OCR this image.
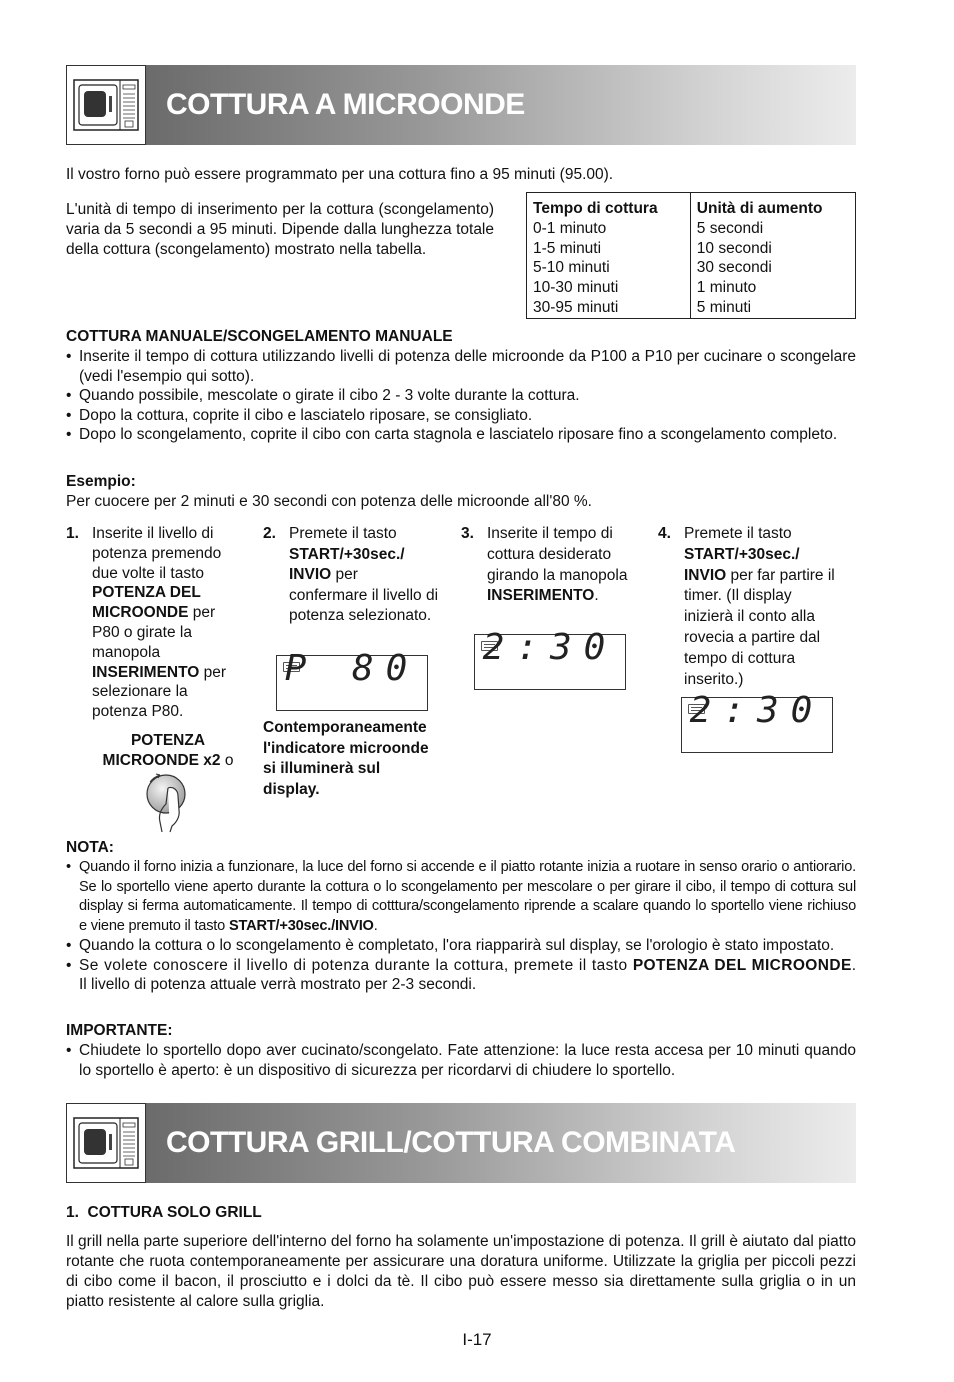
COTTURA A MICROONDE
Il vostro forno può essere programmato per una cottura fino a 95 minuti (95.00).
L'unità di tempo di inserimento per la cottura (scongelamento) varia da 5 secondi a 95 minuti. Dipende dalla lunghezza totale della cottura (scongelamento) mostrato nella tabella.
Tempo di cottura	Unità di aumento
0-1 minuto	5 secondi
1-5 minuti	10 secondi
5-10 minuti	30 secondi
10-30 minuti	1 minuto
30-95 minuti	5 minuti
COTTURA MANUALE/SCONGELAMENTO MANUALE
• Inserite il tempo di cottura utilizzando livelli di potenza delle microonde da P100 a P10 per cucinare o scongelare (vedi l'esempio qui sotto).
• Quando possibile, mescolate o girate il cibo 2 - 3 volte durante la cottura.
• Dopo la cottura, coprite il cibo e lasciatelo riposare, se consigliato.
• Dopo lo scongelamento, coprite il cibo con carta stagnola e lasciatelo riposare fino a scongelamento completo.
Esempio:
Per cuocere per 2 minuti e 30 secondi con potenza delle microonde all'80 %.
1. Inserite il livello di potenza premendo due volte il tasto POTENZA DEL MICROONDE per P80 o girate la manopola INSERIMENTO per selezionare la potenza P80.
POTENZA MICROONDE x2 o
2. Premete il tasto START/+30sec./ INVIO per confermare il livello di potenza selezionato.
P 80
Contemporaneamente l'indicatore microonde si illuminerà sul display.
3. Inserite il tempo di cottura desiderato girando la manopola INSERIMENTO.
2:30
4. Premete il tasto START/+30sec./ INVIO per far partire il timer. (Il display inizierà il conto alla rovecia a partire dal tempo di cottura inserito.)
2:30
NOTA:
• Quando il forno inizia a funzionare, la luce del forno si accende e il piatto rotante inizia a ruotare in senso orario o antiorario. Se lo sportello viene aperto durante la cottura o lo scongelamento per mescolare o per girare il cibo, il tempo di cottura sul display si ferma automaticamente. Il tempo di cotttura/scongelamento riprende a scalare quando lo sportello viene richiuso e viene premuto il tasto START/+30sec./INVIO.
• Quando la cottura o lo scongelamento è completato, l'ora riapparirà sul display, se l'orologio è stato impostato.
• Se volete conoscere il livello di potenza durante la cottura, premete il tasto POTENZA DEL MICROONDE. Il livello di potenza attuale verrà mostrato per 2-3 secondi.
IMPORTANTE:
• Chiudete lo sportello dopo aver cucinato/scongelato. Fate attenzione: la luce resta accesa per 10 minuti quando lo sportello è aperto: è un dispositivo di sicurezza per ricordarvi di chiudere lo sportello.
COTTURA GRILL/COTTURA COMBINATA
1.  COTTURA SOLO GRILL
Il grill nella parte superiore dell'interno del forno ha solamente un'impostazione di potenza. Il grill è aiutato dal piatto rotante che ruota contemporaneamente per assicurare una doratura uniforme. Utilizzate la griglia per piccoli pezzi di cibo come il bacon, il prosciutto e i dolci da tè. Il cibo può essere messo sia direttamente sulla griglia o in un piatto resistente al calore sulla griglia.
I-17
